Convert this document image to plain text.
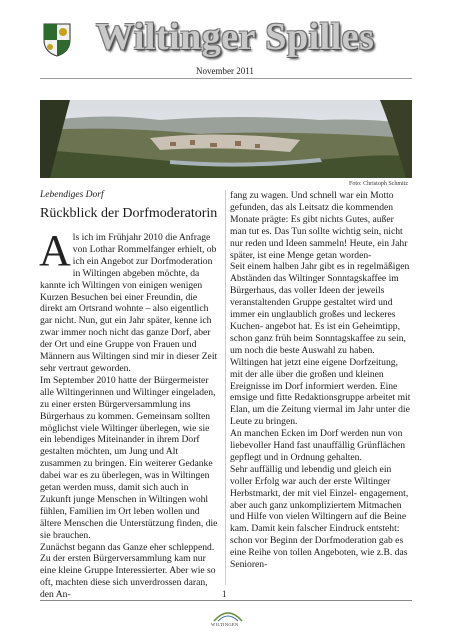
Wiltinger Spilles
November 2011
Foto: Christoph Schmitz
Lebendiges Dorf
Rückblick der Dorfmoderatorin

Als ich im Frühjahr 2010 die Anfrage von Lothar Rommelfanger erhielt, ob ich ein Angebot zur Dorfmoderation in Wiltingen abgeben möchte, da kannte ich Wiltingen von einigen wenigen Kurzen Besuchen bei einer Freundin, die direkt am Ortsrand wohnte – also eigentlich gar nicht. Nun, gut ein Jahr später, kenne ich zwar immer noch nicht das ganze Dorf, aber der Ort und eine Gruppe von Frauen und Männern aus Wiltingen sind mir in dieser Zeit sehr vertraut geworden.

Im September 2010 hatte der Bürgermeister alle Wiltingerinnen und Wiltinger eingeladen, zu einer ersten Bürgerversammlung ins Bürgerhaus zu kommen. Gemeinsam sollten möglichst viele Wiltinger überlegen, wie sie ein lebendiges Miteinander in ihrem Dorf gestalten möchten, um Jung und Alt zusammen zu bringen. Ein weiterer Gedanke dabei war es zu überlegen, was in Wiltingen getan werden muss, damit sich auch in Zukunft junge Menschen in Wiltingen wohl fühlen, Familien im Ort leben wollen und ältere Menschen die Unterstützung finden, die sie brauchen.

Zunächst begann das Ganze eher schleppend. Zu der ersten Bürgerversammlung kam nur eine kleine Gruppe Interessierter. Aber wie so oft, machten diese sich unverdrossen daran, den An-

fang zu wagen. Und schnell war ein Motto gefunden, das als Leitsatz die kommenden Monate prägte: Es gibt nichts Gutes, außer man tut es. Das Tun sollte wichtig sein, nicht nur reden und Ideen sammeln! Heute, ein Jahr später, ist eine Menge getan worden-

Seit einem halben Jahr gibt es in regelmäßigen Abständen das Wiltinger Sonntagskaffee im Bürgerhaus, das voller Ideen der jeweils veranstaltenden Gruppe gestaltet wird und immer ein unglaublich großes und leckeres Kuchen- angebot hat. Es ist ein Geheimtipp, schon ganz früh beim Sonntagskaffee zu sein, um noch die beste Auswahl zu haben.

Wiltingen hat jetzt eine eigene Dorfzeitung, mit der alle über die großen und kleinen Ereignisse im Dorf informiert werden. Eine emsige und fitte Redaktionsgruppe arbeitet mit Elan, um die Zeitung viermal im Jahr unter die Leute zu bringen.

An manchen Ecken im Dorf werden nun von liebevoller Hand fast unauffällig Grünflächen gepflegt und in Ordnung gehalten.

Sehr auffällig und lebendig und gleich ein voller Erfolg war auch der erste Wiltinger Herbstmarkt, der mit viel Einzel- engagement, aber auch ganz unkompliziertem Mitmachen und Hilfe von vielen Wiltingern auf die Beine kam. Damit kein falscher Eindruck entsteht: schon vor Beginn der Dorfmoderation gab es eine Reihe von tollen Angeboten, wie z.B. das Senioren-

1
WILTINGEN
